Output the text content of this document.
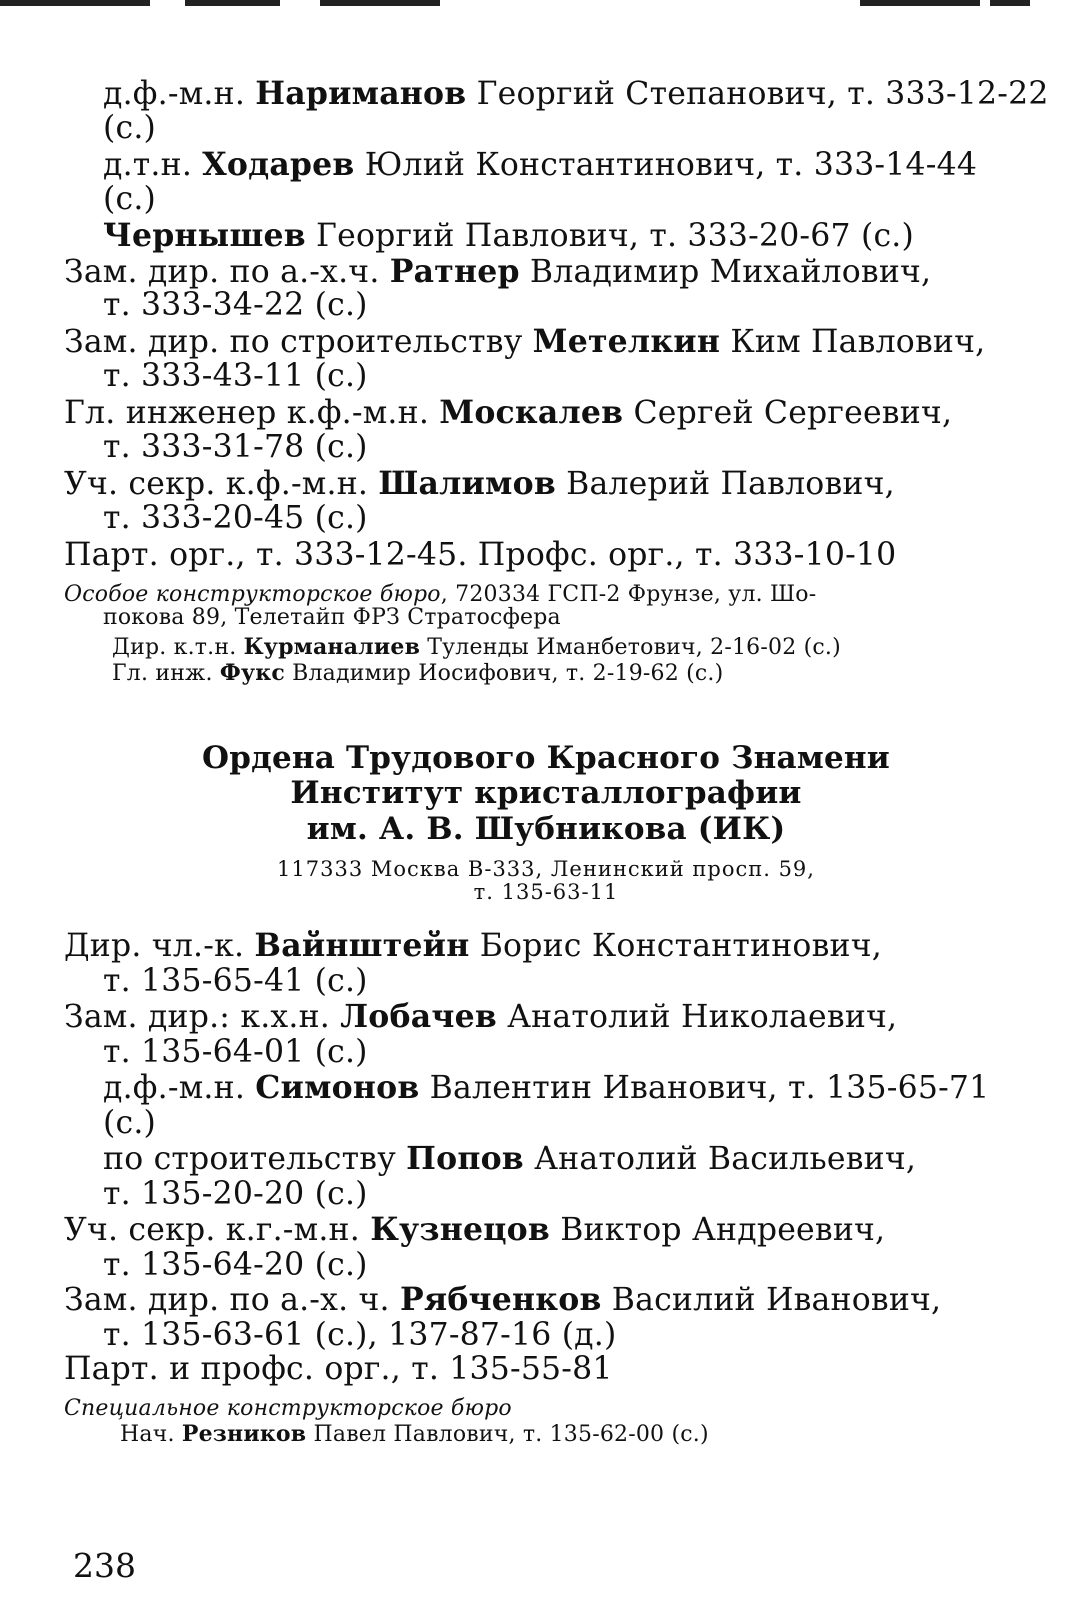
д.ф.-м.н. Нариманов Георгий Степанович, т. 333-12-22
(с.)
д.т.н. Ходарев Юлий Константинович, т. 333-14-44
(с.)
Чернышев Георгий Павлович, т. 333-20-67 (с.)
Зам. дир. по а.-х.ч. Ратнер Владимир Михайлович,
т. 333-34-22 (с.)
Зам. дир. по строительству Метелкин Ким Павлович,
т. 333-43-11 (с.)
Гл. инженер к.ф.-м.н. Москалев Сергей Сергеевич,
т. 333-31-78 (с.)
Уч. секр. к.ф.-м.н. Шалимов Валерий Павлович,
т. 333-20-45 (с.)
Парт. орг., т. 333-12-45. Профс. орг., т. 333-10-10
Особое конструкторское бюро, 720334 ГСП-2 Фрунзе, ул. Шо-
покова 89, Телетайп ФРЗ Стратосфера
Дир. к.т.н. Курманалиев Туленды Иманбетович, 2-16-02 (с.)
Гл. инж. Фукс Владимир Иосифович, т. 2-19-62 (с.)
Ордена Трудового Красного Знамени
Институт кристаллографии
им. А. В. Шубникова (ИК)
117333 Москва В-333, Ленинский просп. 59,
т. 135-63-11
Дир. чл.-к. Вайнштейн Борис Константинович,
т. 135-65-41 (с.)
Зам. дир.: к.х.н. Лобачев Анатолий Николаевич,
т. 135-64-01 (с.)
д.ф.-м.н. Симонов Валентин Иванович, т. 135-65-71
(с.)
по строительству Попов Анатолий Васильевич,
т. 135-20-20 (с.)
Уч. секр. к.г.-м.н. Кузнецов Виктор Андреевич,
т. 135-64-20 (с.)
Зам. дир. по а.-х. ч. Рябченков Василий Иванович,
т. 135-63-61 (с.), 137-87-16 (д.)
Парт. и профс. орг., т. 135-55-81
Специальное конструкторское бюро
Нач. Резников Павел Павлович, т. 135-62-00 (с.)
238
